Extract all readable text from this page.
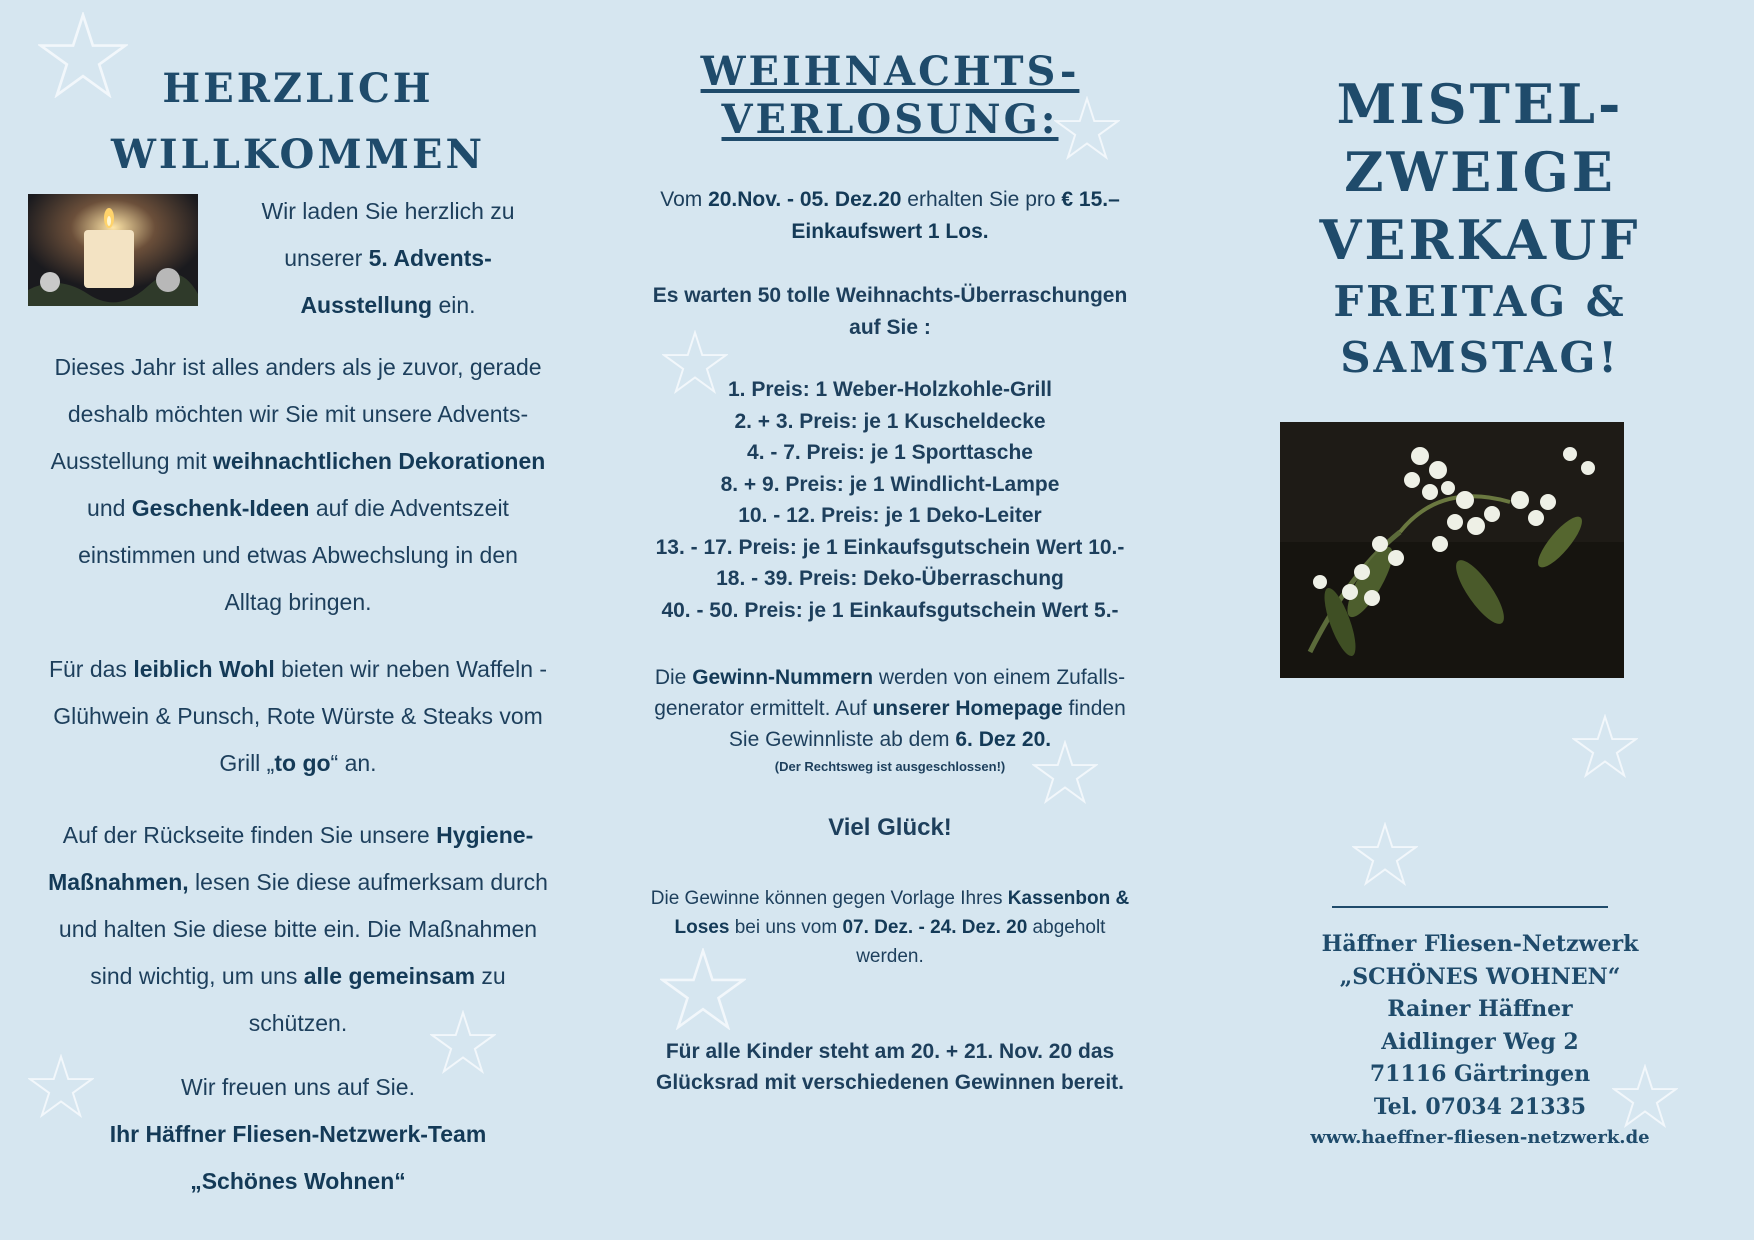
HERZLICH
WILLKOMMEN
Wir laden Sie herzlich zu
unserer 5. Advents-
Ausstellung ein.
Dieses Jahr ist alles anders als je zuvor, gerade deshalb möchten wir Sie mit unsere Advents-Ausstellung mit weihnachtlichen Dekorationen und Geschenk-Ideen auf die Adventszeit einstimmen und etwas Abwechslung in den Alltag bringen.
Für das leiblich Wohl bieten wir neben Waffeln - Glühwein & Punsch, Rote Würste & Steaks vom Grill „to go“ an.
Auf der Rückseite finden Sie unsere Hygiene-Maßnahmen, lesen Sie diese aufmerksam durch und halten Sie diese bitte ein. Die Maßnahmen sind wichtig, um uns alle gemeinsam zu schützen.
Wir freuen uns auf Sie.
Ihr Häffner Fliesen-Netzwerk-Team
„Schönes Wohnen“
WEIHNACHTS-
VERLOSUNG:
Vom 20.Nov. - 05. Dez.20 erhalten Sie pro € 15.– Einkaufswert 1 Los.
Es warten 50 tolle Weihnachts-Überraschungen auf Sie :
1. Preis: 1 Weber-Holzkohle-Grill
2. + 3. Preis: je 1 Kuscheldecke
4. - 7. Preis: je 1 Sporttasche
8. + 9. Preis: je 1 Windlicht-Lampe
10. - 12. Preis: je 1 Deko-Leiter
13. - 17. Preis: je 1 Einkaufsgutschein Wert 10.-
18. - 39. Preis: Deko-Überraschung
40. - 50. Preis: je 1 Einkaufsgutschein Wert 5.-
Die Gewinn-Nummern werden von einem Zufalls-generator ermittelt. Auf unserer Homepage finden Sie Gewinnliste ab dem 6. Dez 20.
(Der Rechtsweg ist ausgeschlossen!)
Viel Glück!
Die Gewinne können gegen Vorlage Ihres Kassenbon & Loses bei uns vom 07. Dez. - 24. Dez. 20 abgeholt werden.
Für alle Kinder steht am 20. + 21. Nov. 20 das Glücksrad mit verschiedenen Gewinnen bereit.
MISTEL-
ZWEIGE
VERKAUF
FREITAG &
SAMSTAG!
Häffner Fliesen-Netzwerk
„SCHÖNES WOHNEN“
Rainer Häffner
Aidlinger Weg 2
71116 Gärtringen
Tel. 07034 21335
www.haeffner-fliesen-netzwerk.de
